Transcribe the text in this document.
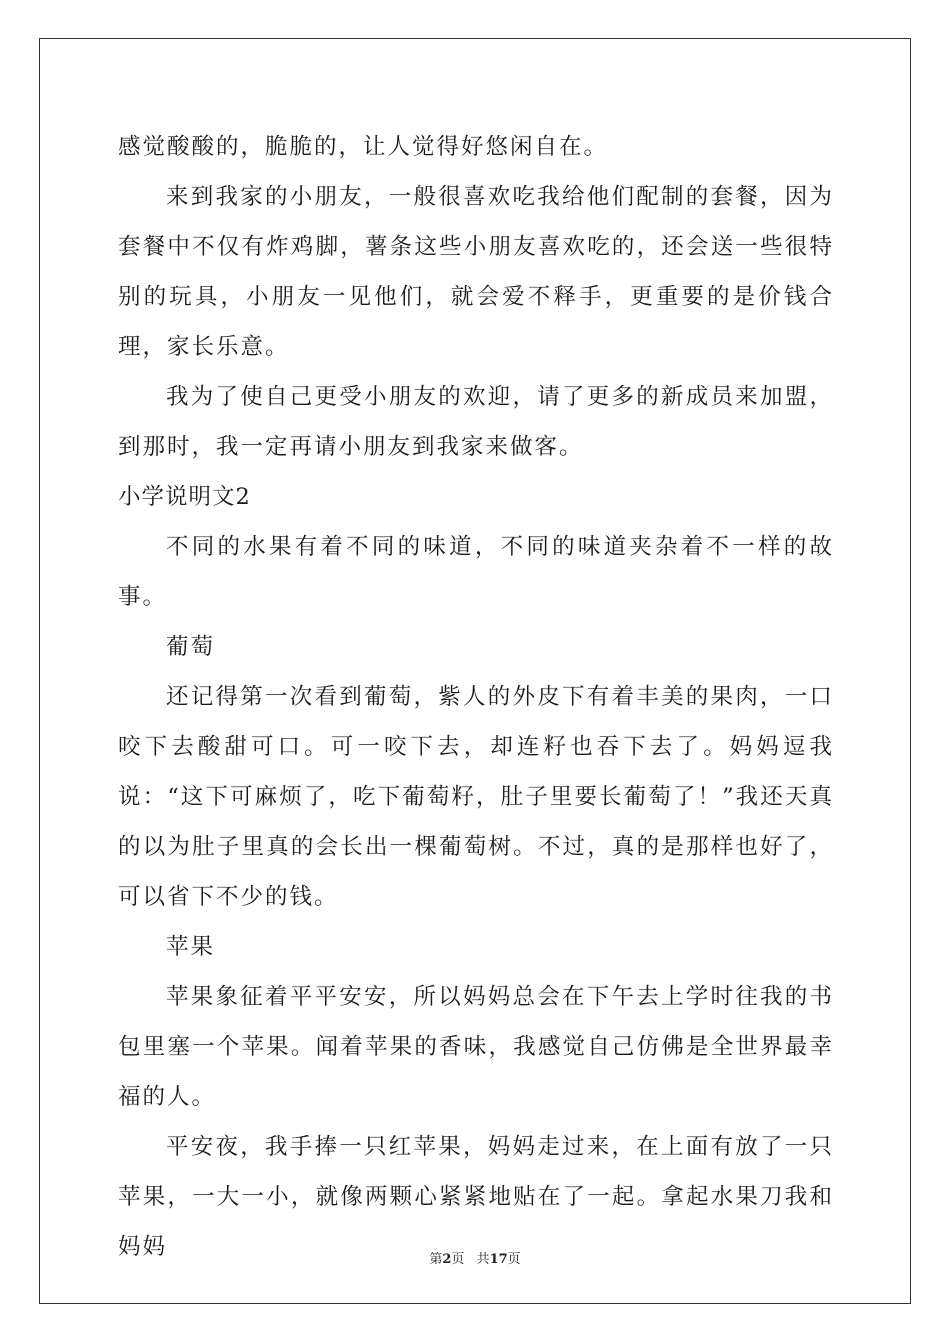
感觉酸酸的，脆脆的，让人觉得好悠闲自在。

来到我家的小朋友，一般很喜欢吃我给他们配制的套餐，因为套餐中不仅有炸鸡脚，薯条这些小朋友喜欢吃的，还会送一些很特别的玩具，小朋友一见他们，就会爱不释手，更重要的是价钱合理，家长乐意。

我为了使自己更受小朋友的欢迎，请了更多的新成员来加盟，到那时，我一定再请小朋友到我家来做客。

小学说明文2

不同的水果有着不同的味道，不同的味道夹杂着不一样的故事。

葡萄

还记得第一次看到葡萄，紫人的外皮下有着丰美的果肉，一口咬下去酸甜可口。可一咬下去，却连籽也吞下去了。妈妈逗我说：“这下可麻烦了，吃下葡萄籽，肚子里要长葡萄了！”我还天真的以为肚子里真的会长出一棵葡萄树。不过，真的是那样也好了，可以省下不少的钱。

苹果

苹果象征着平平安安，所以妈妈总会在下午去上学时往我的书包里塞一个苹果。闻着苹果的香味，我感觉自己仿佛是全世界最幸福的人。

平安夜，我手捧一只红苹果，妈妈走过来，在上面有放了一只苹果，一大一小，就像两颗心紧紧地贴在了一起。拿起水果刀我和妈妈	第2页 共17页
